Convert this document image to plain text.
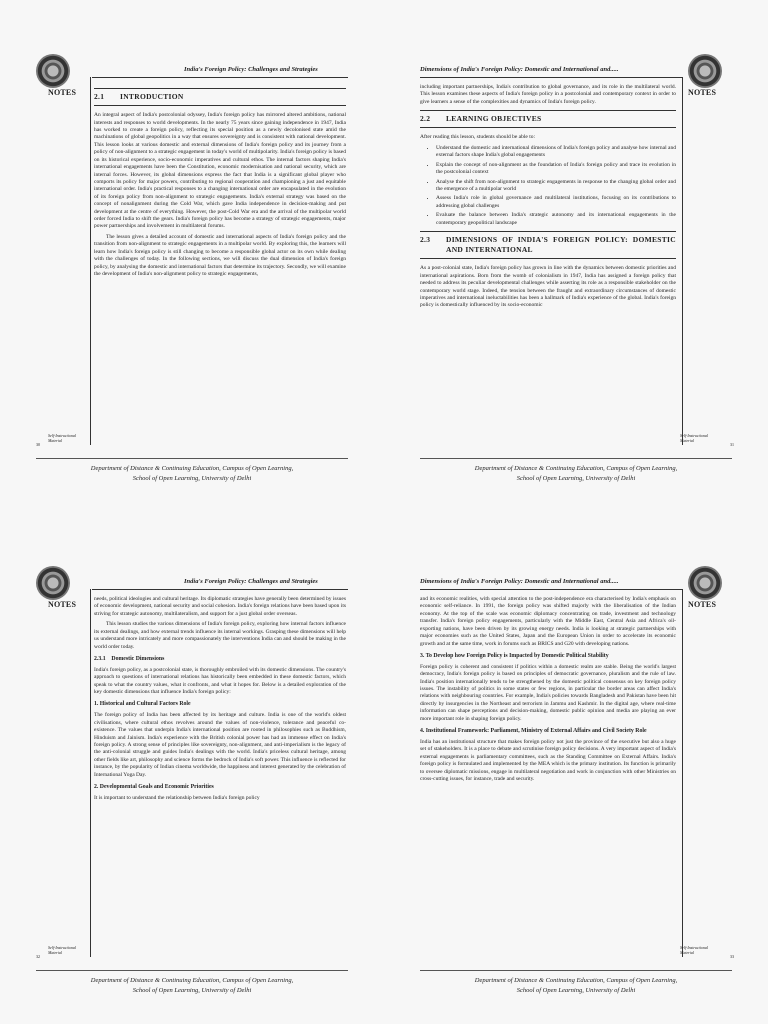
India's Foreign Policy: Challenges and Strategies
NOTES 2.1 INTRODUCTION

An integral aspect of India's postcolonial odyssey, India's foreign policy has mirrored altered ambitions, national interests and responses to world developments. In the nearly 75 years since gaining independence in 1947, India has worked to create a foreign policy, reflecting its special position as a newly decolonised state amid the machinations of global geopolitics in a way that ensures sovereignty and is consistent with national development. This lesson looks at various domestic and external dimensions of India's foreign policy and its journey from a policy of non-alignment to a strategic engagement in today's world of multipolarity. India's foreign policy is based on its historical experience, socio-economic imperatives and cultural ethos. The internal factors shaping India's international engagements have been the Constitution, economic modernisation and national security, which are internal forces. However, its global dimensions express the fact that India is a significant global player who comports its policy for major powers, contributing to regional cooperation and championing a just and equitable international order. India's practical responses to a changing international order are encapsulated in the evolution of its foreign policy from non-alignment to strategic engagements. India's external strategy was based on the concept of nonalignment during the Cold War, which gave India independence in decision-making and put development at the centre of everything. However, the post-Cold War era and the arrival of the multipolar world order forced India to shift the gears. India's foreign policy has become a strategy of strategic engagements, major power partnerships and involvement in multilateral forums.

The lesson gives a detailed account of domestic and international aspects of India's foreign policy and the transition from non-alignment to strategic engagements in a multipolar world. By exploring this, the learners will learn how India's foreign policy is still changing to become a responsible global actor on its own while dealing with the challenges of today. In the following sections, we will discuss the dual dimension of India's foreign policy, by analysing the domestic and international factors that determine its trajectory. Secondly, we will examine the development of India's non-alignment policy to strategic engagements,

Self-Instructional Material
30
Department of Distance & Continuing Education, Campus of Open Learning,
School of Open Learning, University of Delhi
Dimensions of India's Foreign Policy: Domestic and International and.....
NOTES

including important partnerships, India's contribution to global governance, and its role in the multilateral world. This lesson examines these aspects of India's foreign policy in a postcolonial and contemporary context in order to give learners a sense of the complexities and dynamics of India's foreign policy.

2.2 LEARNING OBJECTIVES

After reading this lesson, students should be able to:

• Understand the domestic and international dimensions of India's foreign policy and analyse how internal and external factors shape India's global engagements
• Explain the concept of non-alignment as the foundation of India's foreign policy and trace its evolution in the postcolonial context
• Analyse the shift from non-alignment to strategic engagements in response to the changing global order and the emergence of a multipolar world
• Assess India's role in global governance and multilateral institutions, focusing on its contributions to addressing global challenges
• Evaluate the balance between India's strategic autonomy and its international engagements in the contemporary geopolitical landscape
2.3	DIMENSIONS OF INDIA'S FOREIGN POLICY: DOMESTIC AND INTERNATIONAL

As a post-colonial state, India's foreign policy has grown in line with the dynamics between domestic priorities and international aspirations. Born from the womb of colonialism in 1947, India has assigned a foreign policy that needed to address its peculiar developmental challenges while asserting its role as a responsible stakeholder on the contemporary world stage. Indeed, the tension between the fraught and extraordinary circumstances of domestic imperatives and international ineluctabilities has been a hallmark of India's experience of the global. India's foreign policy is domestically influenced by its socio-economic

Self-Instructional Material
31
Department of Distance & Continuing Education, Campus of Open Learning,
School of Open Learning, University of Delhi
India's Foreign Policy: Challenges and Strategies
NOTES

needs, political ideologies and cultural heritage. Its diplomatic strategies have generally been determined by issues of economic development, national security and social cohesion. India's foreign relations have been based upon its striving for strategic autonomy, multilateralism, and support for a just global order overseas.

This lesson studies the various dimensions of India's foreign policy, exploring how internal factors influence its external dealings, and how external trends influence its internal workings. Grasping these dimensions will help us understand more intricately and more compassionately the interventions India can and should be making in the world order today.

2.3.1    Domestic Dimensions

India's foreign policy, as a postcolonial state, is thoroughly embroiled with its domestic dimensions. The country's approach to questions of international relations has historically been embedded in these domestic factors, which speak to what the country values, what it confronts, and what it hopes for. Below is a detailed exploration of the key domestic dimensions that influence India's foreign policy:

1. Historical and Cultural Factors Role

The foreign policy of India has been affected by its heritage and culture. India is one of the world's oldest civilisations, where cultural ethos revolves around the values of non-violence, tolerance and peaceful co-existence. The values that underpin India's international position are rooted in philosophies such as Buddhism, Hinduism and Jainism. India's experience with the British colonial power has had an immense effect on India's foreign policy. A strong sense of principles like sovereignty, non-alignment, and anti-imperialism is the legacy of the anti-colonial struggle and guides India's dealings with the world. India's priceless cultural heritage, among other fields like art, philosophy and science forms the bedrock of India's soft power. This influence is reflected for instance, by the popularity of Indian cinema worldwide, the happiness and interest generated by the celebration of International Yoga Day.

2. Developmental Goals and Economic Priorities

It is important to understand the relationship between India's foreign policy

Self-Instructional Material
32
Department of Distance & Continuing Education, Campus of Open Learning,
School of Open Learning, University of Delhi
Dimensions of India's Foreign Policy: Domestic and International and.....
NOTES

and its economic realities, with special attention to the post-independence era characterised by India's emphasis on economic self-reliance. In 1991, the foreign policy was shifted majorly with the liberalisation of the Indian economy. At the top of the scale was economic diplomacy concentrating on trade, investment and technology transfer. India's foreign policy engagements, particularly with the Middle East, Central Asia and Africa's oil-exporting nations, have been driven by its growing energy needs. India is looking at strategic partnerships with major economies such as the United States, Japan and the European Union in order to accelerate its economic growth and at the same time, work in forums such as BRICS and G20 with developing nations.

3. To Develop how Foreign Policy is Impacted by Domestic Political Stability

Foreign policy is coherent and consistent if politics within a domestic realm are stable. Being the world's largest democracy, India's foreign policy is based on principles of democratic governance, pluralism and the rule of law. India's position internationally tends to be strengthened by the domestic political consensus on key foreign policy issues. The instability of politics in some states or few regions, in particular the border areas can affect India's relations with neighbouring countries. For example, India's policies towards Bangladesh and Pakistan have been hit directly by insurgencies in the Northeast and terrorism in Jammu and Kashmir. In the digital age, where real-time information can shape perceptions and decision-making, domestic public opinion and media are playing an ever more important role in shaping foreign policy.

4. Institutional Framework: Parliament, Ministry of External Affairs and Civil Society Role

India has an institutional structure that makes foreign policy not just the province of the executive but also a huge set of stakeholders. It is a place to debate and scrutinise foreign policy decisions. A very important aspect of India's external engagements is parliamentary committees, such as the Standing Committee on External Affairs. India's foreign policy is formulated and implemented by the MEA which is the primary institution. Its function is primarily to oversee diplomatic missions, engage in multilateral negotiation and work in conjunction with other Ministries on cross-cutting issues, for instance, trade and security.

Self-Instructional Material
33
Department of Distance & Continuing Education, Campus of Open Learning,
School of Open Learning, University of Delhi
